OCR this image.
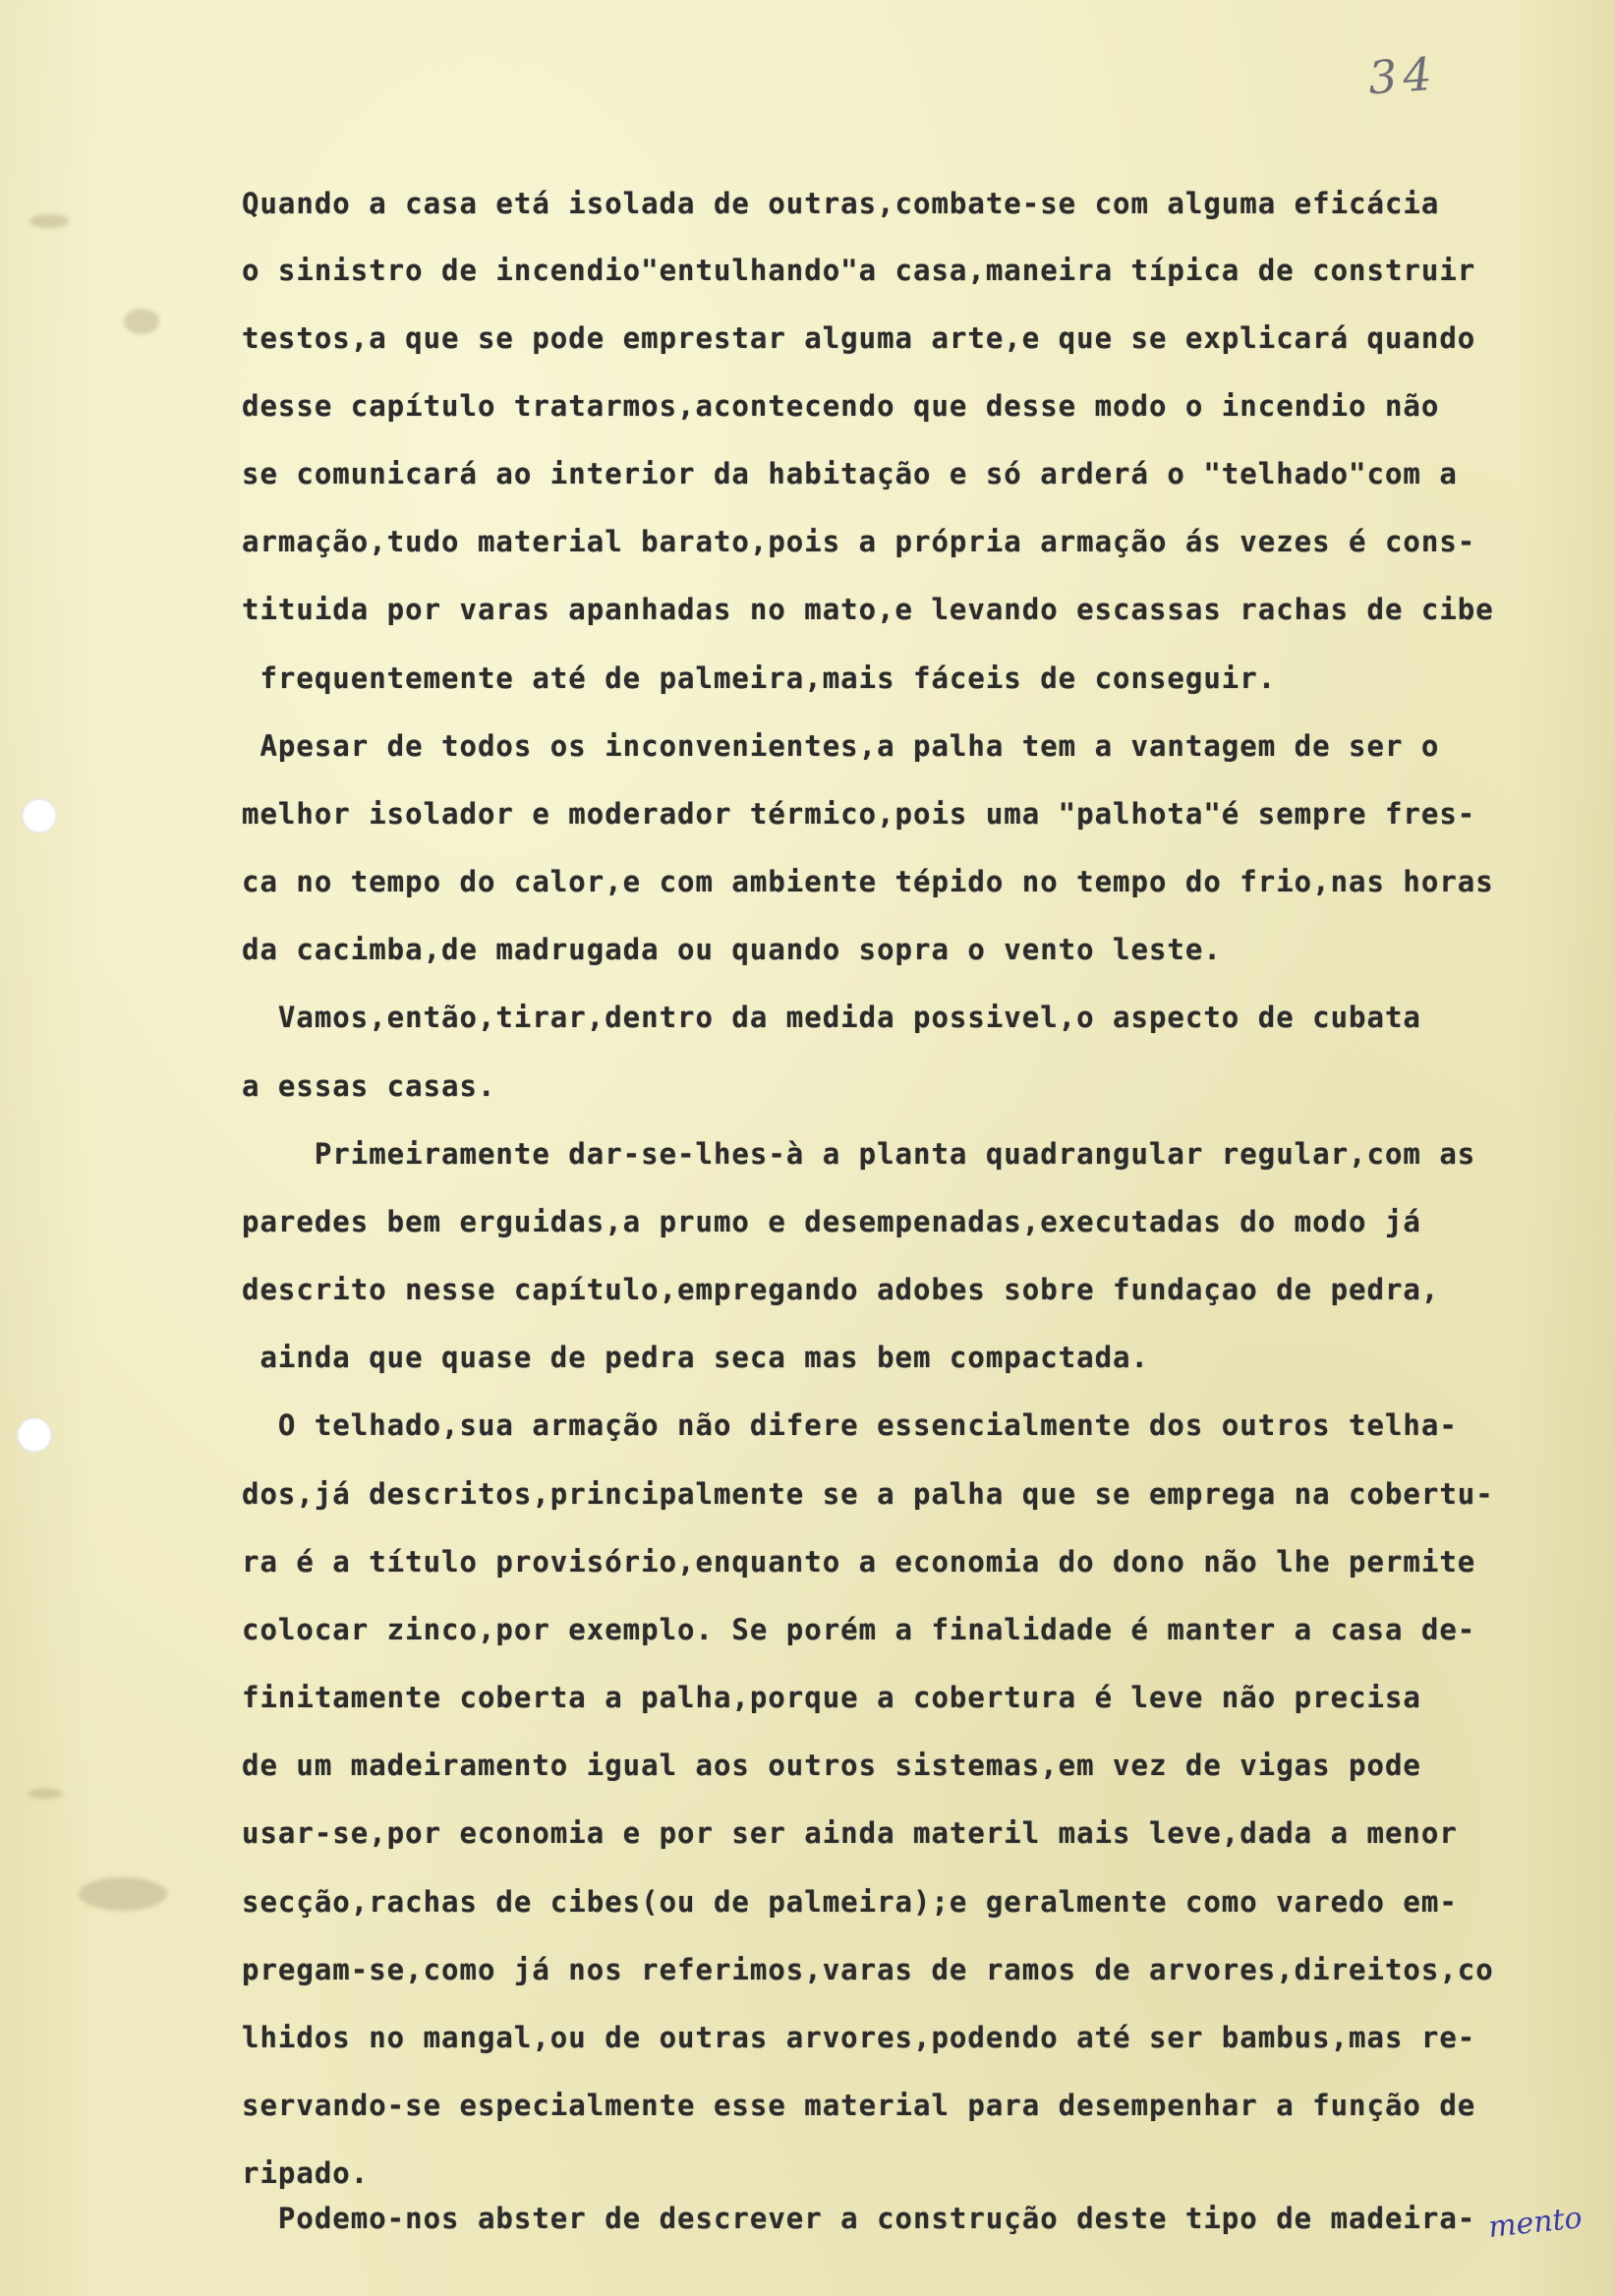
34
Quando a casa etá isolada de outras,combate-se com alguma eficácia
o sinistro de incendio"entulhando"a casa,maneira típica de construir
testos,a que se pode emprestar alguma arte,e que se explicará quando
desse capítulo tratarmos,acontecendo que desse modo o incendio não
se comunicará ao interior da habitação e só arderá o "telhado"com a
armação,tudo material barato,pois a própria armação ás vezes é cons-
tituida por varas apanhadas no mato,e levando escassas rachas de cibe
frequentemente até de palmeira,mais fáceis de conseguir.
Apesar de todos os inconvenientes,a palha tem a vantagem de ser o
melhor isolador e moderador térmico,pois uma "palhota"é sempre fres-
ca no tempo do calor,e com ambiente tépido no tempo do frio,nas horas
da cacimba,de madrugada ou quando sopra o vento leste.
Vamos,então,tirar,dentro da medida possivel,o aspecto de cubata
a essas casas.
Primeiramente dar-se-lhes-à a planta quadrangular regular,com as
paredes bem erguidas,a prumo e desempenadas,executadas do modo já
descrito nesse capítulo,empregando adobes sobre fundaçao de pedra,
ainda que quase de pedra seca mas bem compactada.
O telhado,sua armação não difere essencialmente dos outros telha-
dos,já descritos,principalmente se a palha que se emprega na cobertu-
ra é a título provisório,enquanto a economia do dono não lhe permite
colocar zinco,por exemplo. Se porém a finalidade é manter a casa de-
finitamente coberta a palha,porque a cobertura é leve não precisa
de um madeiramento igual aos outros sistemas,em vez de vigas pode
usar-se,por economia e por ser ainda materil mais leve,dada a menor
secção,rachas de cibes(ou de palmeira);e geralmente como varedo em-
pregam-se,como já nos referimos,varas de ramos de arvores,direitos,co
lhidos no mangal,ou de outras arvores,podendo até ser bambus,mas re-
servando-se especialmente esse material para desempenhar a função de
ripado.
Podemo-nos abster de descrever a construção deste tipo de madeira- mento
